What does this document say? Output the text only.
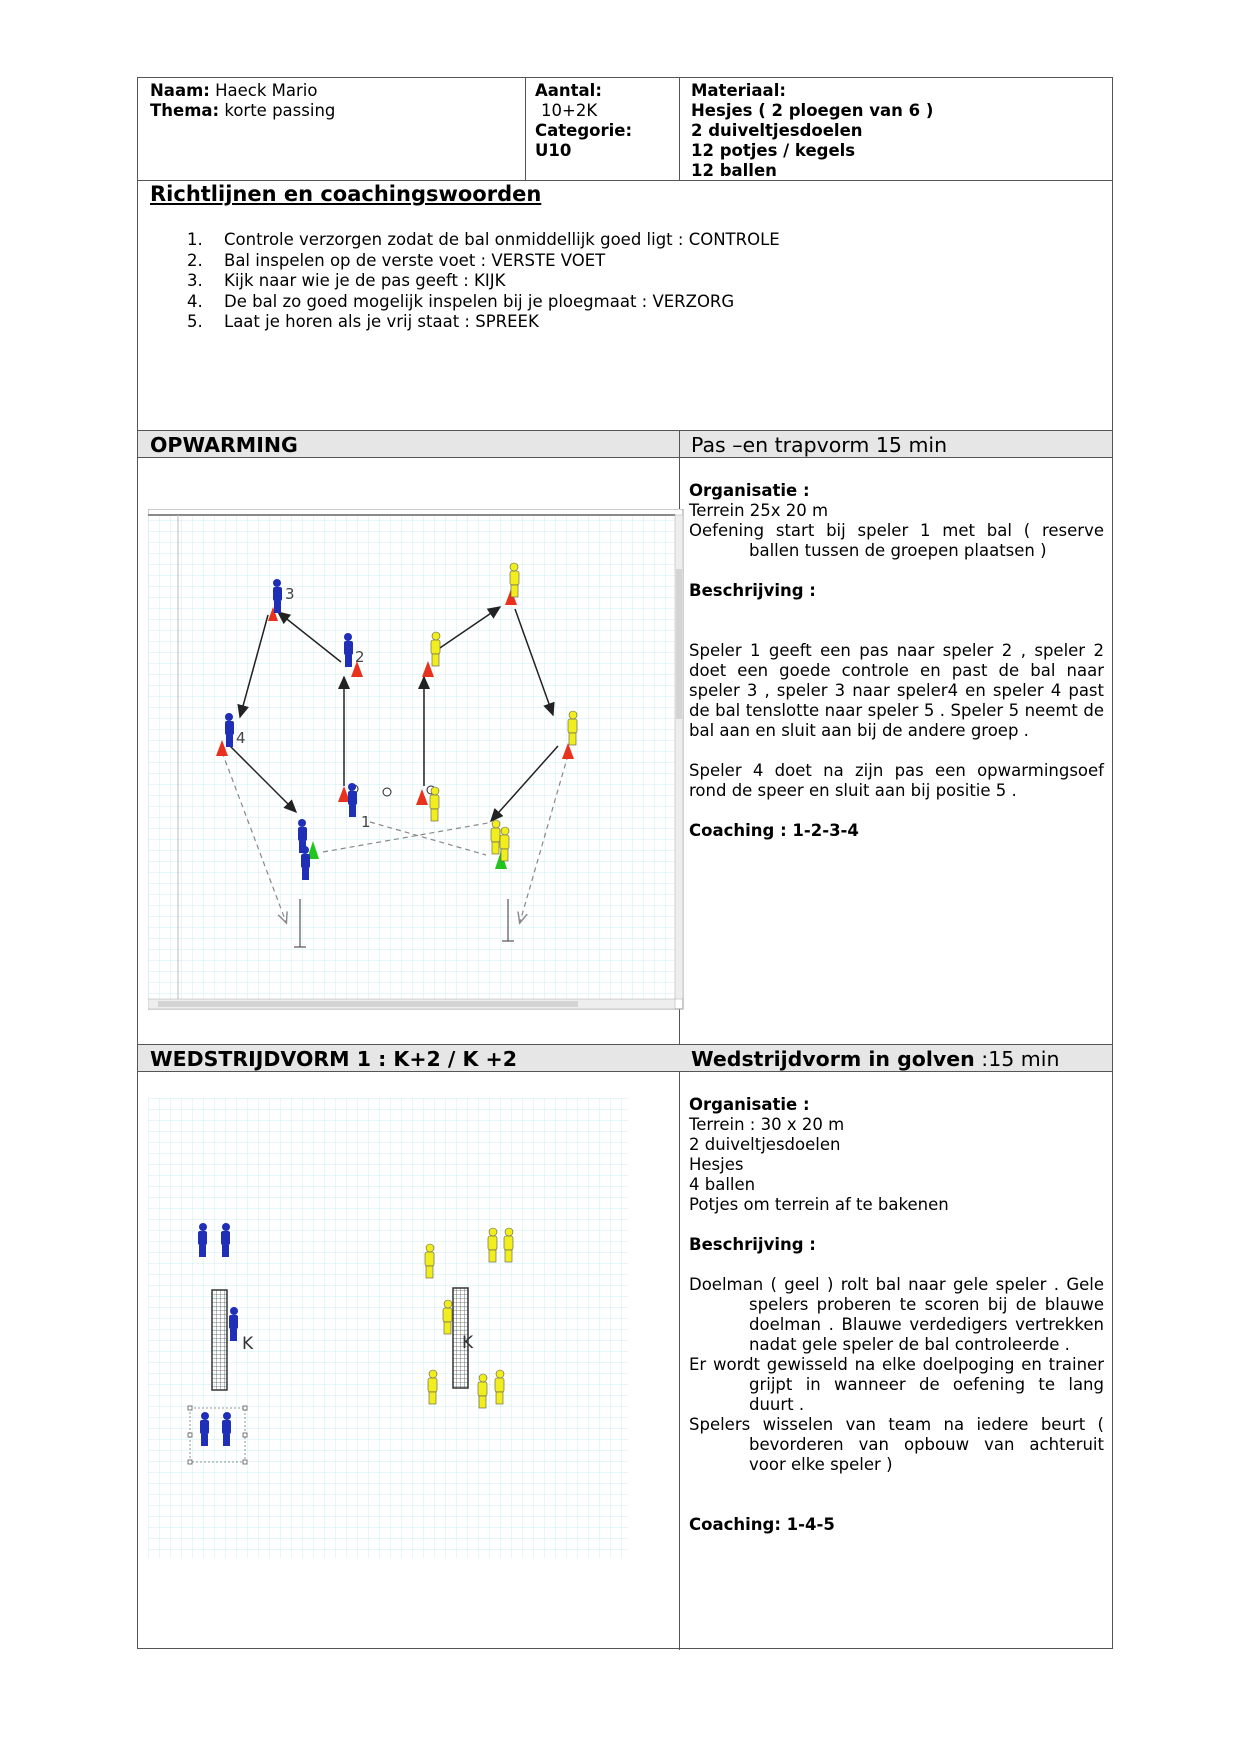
Naam: Haeck Mario
Thema: korte passing
Aantal:
10+2K
Categorie:
U10
Materiaal:
Hesjes ( 2 ploegen van 6 )
2 duiveltjesdoelen
12 potjes / kegels
12 ballen
Richtlijnen en coachingswoorden
1. Controle verzorgen zodat de bal onmiddellijk goed ligt : CONTROLE
2. Bal inspelen op de verste voet : VERSTE VOET
3. Kijk naar wie je de pas geeft : KIJK
4. De bal zo goed mogelijk inspelen bij je ploegmaat : VERZORG
5. Laat je horen als je vrij staat : SPREEK
OPWARMING	Pas –en trapvorm 15 min
3
2
4
1
Organisatie :
Terrein 25x 20 m
Oefening start bij speler 1 met bal ( reserve ballen tussen de groepen plaatsen )
Beschrijving :
Speler 1 geeft een pas naar speler 2 , speler 2 doet een goede controle en past de bal naar speler 3 , speler 3 naar speler4 en speler 4 past de bal tenslotte naar speler 5 . Speler 5 neemt de bal aan en sluit aan bij de andere groep .
Speler 4 doet na zijn pas een opwarmingsoef rond de speer en sluit aan bij positie 5 .
Coaching : 1-2-3-4
WEDSTRIJDVORM 1 : K+2 / K +2	Wedstrijdvorm in golven :15 min
K	K
Organisatie :
Terrein : 30 x 20 m
2 duiveltjesdoelen
Hesjes
4 ballen
Potjes om terrein af te bakenen
Beschrijving :
Doelman ( geel ) rolt bal naar gele speler . Gele spelers proberen te scoren bij de blauwe doelman . Blauwe verdedigers vertrekken nadat gele speler de bal controleerde .
Er wordt gewisseld na elke doelpoging en trainer grijpt in wanneer de oefening te lang duurt .
Spelers wisselen van team na iedere beurt ( bevorderen van opbouw van achteruit voor elke speler )
Coaching: 1-4-5
